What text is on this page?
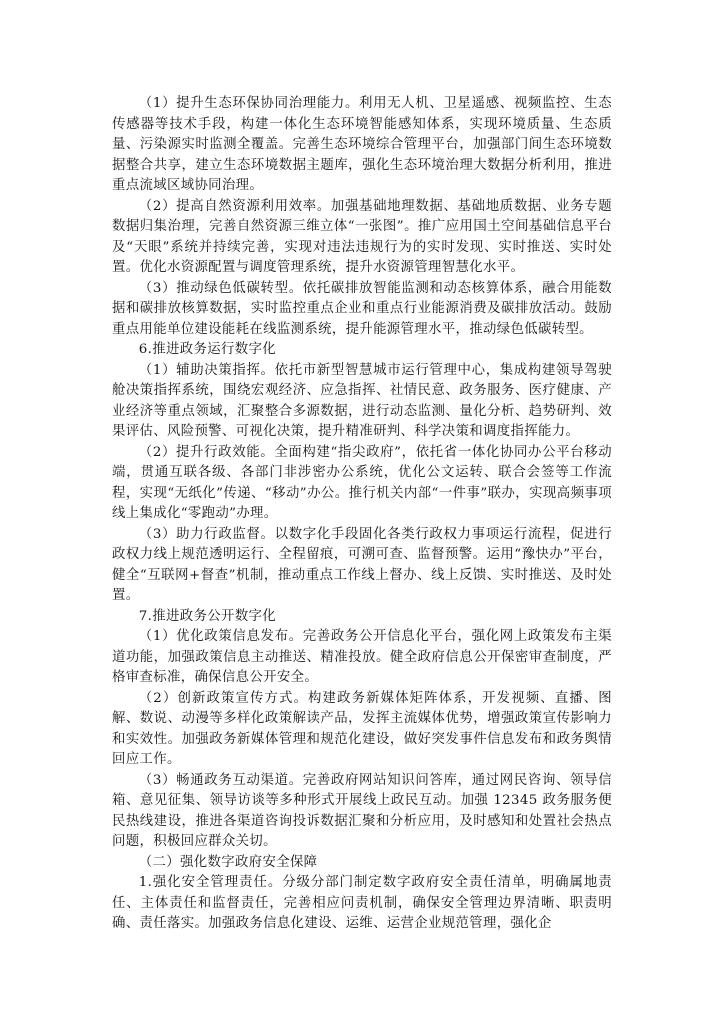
（1）提升生态环保协同治理能力。利用无人机、卫星遥感、视频监控、生态传感器等技术手段，构建一体化生态环境智能感知体系，实现环境质量、生态质量、污染源实时监测全覆盖。完善生态环境综合管理平台，加强部门间生态环境数据整合共享，建立生态环境数据主题库，强化生态环境治理大数据分析利用，推进重点流域区域协同治理。

（2）提高自然资源利用效率。加强基础地理数据、基础地质数据、业务专题数据归集治理，完善自然资源三维立体“一张图”。推广应用国土空间基础信息平台及“天眼”系统并持续完善，实现对违法违规行为的实时发现、实时推送、实时处置。优化水资源配置与调度管理系统，提升水资源管理智慧化水平。

（3）推动绿色低碳转型。依托碳排放智能监测和动态核算体系，融合用能数据和碳排放核算数据，实时监控重点企业和重点行业能源消费及碳排放活动。鼓励重点用能单位建设能耗在线监测系统，提升能源管理水平，推动绿色低碳转型。

6.推进政务运行数字化

（1）辅助决策指挥。依托市新型智慧城市运行管理中心，集成构建领导驾驶舱决策指挥系统，围绕宏观经济、应急指挥、社情民意、政务服务、医疗健康、产业经济等重点领域，汇聚整合多源数据，进行动态监测、量化分析、趋势研判、效果评估、风险预警、可视化决策，提升精准研判、科学决策和调度指挥能力。

（2）提升行政效能。全面构建“指尖政府”，依托省一体化协同办公平台移动端，贯通互联各级、各部门非涉密办公系统，优化公文运转、联合会签等工作流程，实现“无纸化”传递、“移动”办公。推行机关内部“一件事”联办，实现高频事项线上集成化“零跑动”办理。

（3）助力行政监督。以数字化手段固化各类行政权力事项运行流程，促进行政权力线上规范透明运行、全程留痕，可溯可查、监督预警。运用“豫快办”平台，健全“互联网+督查”机制，推动重点工作线上督办、线上反馈、实时推送、及时处置。

7.推进政务公开数字化

（1）优化政策信息发布。完善政务公开信息化平台，强化网上政策发布主渠道功能，加强政策信息主动推送、精准投放。健全政府信息公开保密审查制度，严格审查标准，确保信息公开安全。

（2）创新政策宣传方式。构建政务新媒体矩阵体系，开发视频、直播、图解、数说、动漫等多样化政策解读产品，发挥主流媒体优势，增强政策宣传影响力和实效性。加强政务新媒体管理和规范化建设，做好突发事件信息发布和政务舆情回应工作。

（3）畅通政务互动渠道。完善政府网站知识问答库，通过网民咨询、领导信箱、意见征集、领导访谈等多种形式开展线上政民互动。加强 12345 政务服务便民热线建设，推进各渠道咨询投诉数据汇聚和分析应用，及时感知和处置社会热点问题，积极回应群众关切。

（二）强化数字政府安全保障

1.强化安全管理责任。分级分部门制定数字政府安全责任清单，明确属地责任、主体责任和监督责任，完善相应问责机制，确保安全管理边界清晰、职责明确、责任落实。加强政务信息化建设、运维、运营企业规范管理，强化企
